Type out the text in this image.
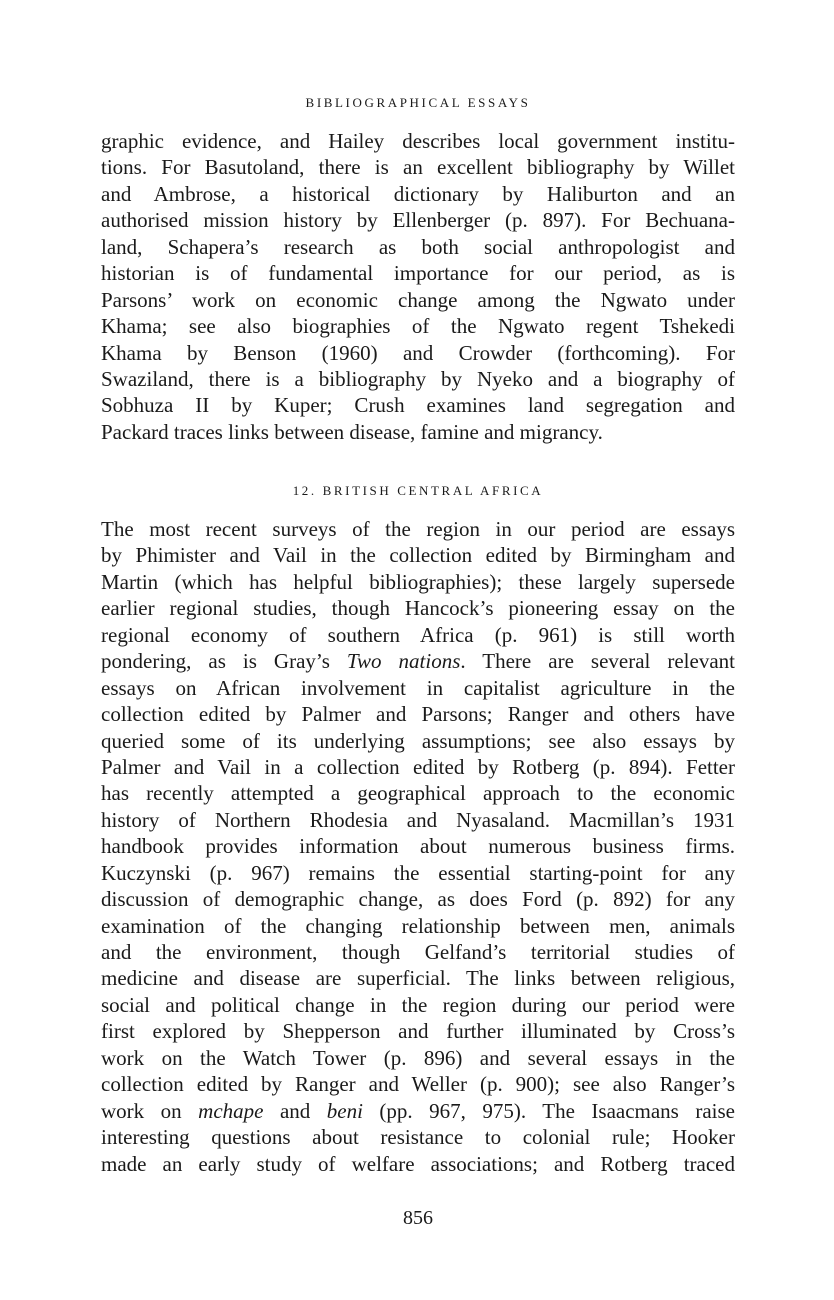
BIBLIOGRAPHICAL ESSAYS
graphic evidence, and Hailey describes local government institu-
tions. For Basutoland, there is an excellent bibliography by Willet
and Ambrose, a historical dictionary by Haliburton and an
authorised mission history by Ellenberger (p. 897). For Bechuana-
land, Schapera’s research as both social anthropologist and
historian is of fundamental importance for our period, as is
Parsons’ work on economic change among the Ngwato under
Khama; see also biographies of the Ngwato regent Tshekedi
Khama by Benson (1960) and Crowder (forthcoming). For
Swaziland, there is a bibliography by Nyeko and a biography of
Sobhuza II by Kuper; Crush examines land segregation and
Packard traces links between disease, famine and migrancy.
12. BRITISH CENTRAL AFRICA
The most recent surveys of the region in our period are essays
by Phimister and Vail in the collection edited by Birmingham and
Martin (which has helpful bibliographies); these largely supersede
earlier regional studies, though Hancock’s pioneering essay on the
regional economy of southern Africa (p. 961) is still worth
pondering, as is Gray’s Two nations. There are several relevant
essays on African involvement in capitalist agriculture in the
collection edited by Palmer and Parsons; Ranger and others have
queried some of its underlying assumptions; see also essays by
Palmer and Vail in a collection edited by Rotberg (p. 894). Fetter
has recently attempted a geographical approach to the economic
history of Northern Rhodesia and Nyasaland. Macmillan’s 1931
handbook provides information about numerous business firms.
Kuczynski (p. 967) remains the essential starting-point for any
discussion of demographic change, as does Ford (p. 892) for any
examination of the changing relationship between men, animals
and the environment, though Gelfand’s territorial studies of
medicine and disease are superficial. The links between religious,
social and political change in the region during our period were
first explored by Shepperson and further illuminated by Cross’s
work on the Watch Tower (p. 896) and several essays in the
collection edited by Ranger and Weller (p. 900); see also Ranger’s
work on mchape and beni (pp. 967, 975). The Isaacmans raise
interesting questions about resistance to colonial rule; Hooker
made an early study of welfare associations; and Rotberg traced
856
